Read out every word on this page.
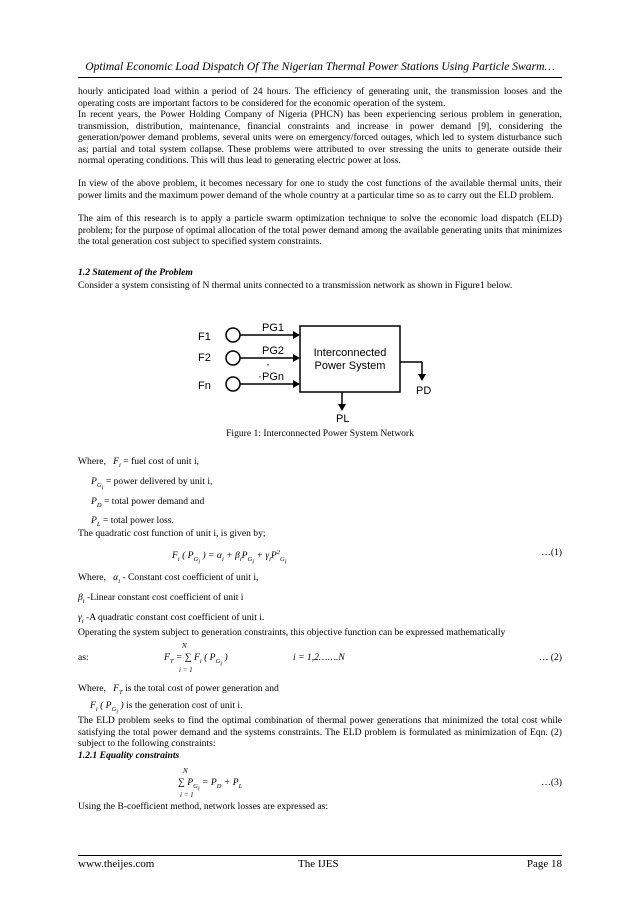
Optimal Economic Load Dispatch Of The Nigerian Thermal Power Stations Using Particle Swarm…
hourly anticipated load within a period of 24 hours. The efficiency of generating unit, the transmission looses and the operating costs are important factors to be considered for the economic operation of the system.
In recent years, the Power Holding Company of Nigeria (PHCN) has been experiencing serious problem in generation, transmission, distribution, maintenance, financial constraints and increase in power demand [9], considering the generation/power demand problems, several units were on emergency/forced outages, which led to system disturbance such as; partial and total system collapse. These problems were attributed to over stressing the units to generate outside their normal operating conditions. This will thus lead to generating electric power at loss.
In view of the above problem, it becomes necessary for one to study the cost functions of the available thermal units, their power limits and the maximum power demand of the whole country at a particular time so as to carry out the ELD problem.
The aim of this research is to apply a particle swarm optimization technique to solve the economic load dispatch (ELD) problem; for the purpose of optimal allocation of the total power demand among the available generating units that minimizes the total generation cost subject to specified system constraints.
1.2 Statement of the Problem
Consider a system consisting of N thermal units connected to a transmission network as shown in Figure1 below.
F1
F2
Fn
PG1
PG2
PGn
·
·
Interconnected
Power System
PD
PL
Figure 1: Interconnected Power System Network
Where,   $F_i$ = fuel cost of unit i,
$P_{G_i}$ = power delivered by unit i,
$P_D$ = total power demand and
$P_L$ = total power loss.
The quadratic cost function of unit i, is given by;
$F_i$ ( $P_{G_i}$ ) = $\alpha_i + \beta_iP_{G_i} + \gamma_iP^2_{G_i}$
…(1)
Where,   $\alpha_i$ - Constant cost coefficient of unit i,
$\beta_i$ -Linear constant cost coefficient of unit i
$\gamma_i$ -A quadratic constant cost coefficient of unit i.
Operating the system subject to generation constraints, this objective function can be expressed mathematically
as:
N
$F_T$ = ∑ $F_i$ ( $P_{G_i}$ )
i = 1
i = 1,2…….N	… (2)
Where,   $F_T$ is the total cost of power generation and
$F_i$ ( $P_{G_i}$ ) is the generation cost of unit i.
The ELD problem seeks to find the optimal combination of thermal power generations that minimized the total cost while satisfying the total power demand and the systems constraints. The ELD problem is formulated as minimization of Eqn. (2) subject to the following constraints:
1.2.1 Equality constraints
N
∑ $P_{G_i} = P_D + P_L$
i = 1
…(3)
Using the B-coefficient method, network losses are expressed as:
www.theijes.com	The IJES	Page 18
